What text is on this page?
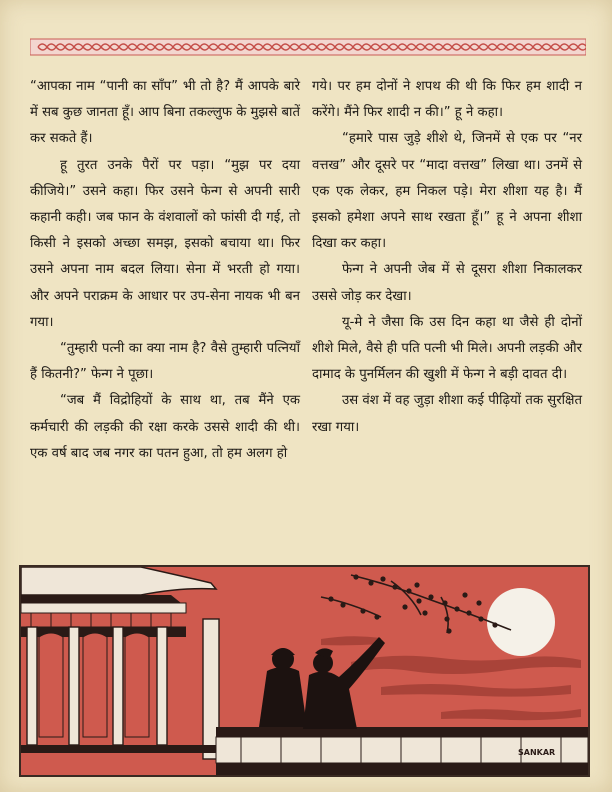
“आपका नाम “पानी का साँप” भी तो है? मैं आपके बारे में सब कुछ जानता हूँ। आप बिना तकल्लुफ के मुझसे बातें कर सकते हैं।

हू तुरत उनके पैरों पर पड़ा। “मुझ पर दया कीजिये।” उसने कहा। फिर उसने फेन्ग से अपनी सारी कहानी कही। जब फान के वंशवालों को फांसी दी गई, तो किसी ने इसको अच्छा समझ, इसको बचाया था। फिर उसने अपना नाम बदल लिया। सेना में भरती हो गया। और अपने पराक्रम के आधार पर उप-सेना नायक भी बन गया।

“तुम्हारी पत्नी का क्या नाम है? वैसे तुम्हारी पत्नियाँ हैं कितनी?” फेन्ग ने पूछा।

“जब मैं विद्रोहियों के साथ था, तब मैंने एक कर्मचारी की लड़की की रक्षा करके उससे शादी की थी। एक वर्ष बाद जब नगर का पतन हुआ, तो हम अलग हो

गये। पर हम दोनों ने शपथ की थी कि फिर हम शादी न करेंगे। मैंने फिर शादी न की।” हू ने कहा।

“हमारे पास जुड़े शीशे थे, जिनमें से एक पर “नर वत्तख” और दूसरे पर “मादा वत्तख” लिखा था। उनमें से एक एक लेकर, हम निकल पड़े। मेरा शीशा यह है। मैं इसको हमेशा अपने साथ रखता हूँ।” हू ने अपना शीशा दिखा कर कहा।

फेन्ग ने अपनी जेब में से दूसरा शीशा निकालकर उससे जोड़ कर देखा।

यू-मे ने जैसा कि उस दिन कहा था जैसे ही दोनों शीशे मिले, वैसे ही पति पत्नी भी मिले। अपनी लड़की और दामाद के पुनर्मिलन की खुशी में फेन्ग ने बड़ी दावत दी।

उस वंश में वह जुड़ा शीशा कई पीढ़ियों तक सुरक्षित रखा गया।

SANKAR
